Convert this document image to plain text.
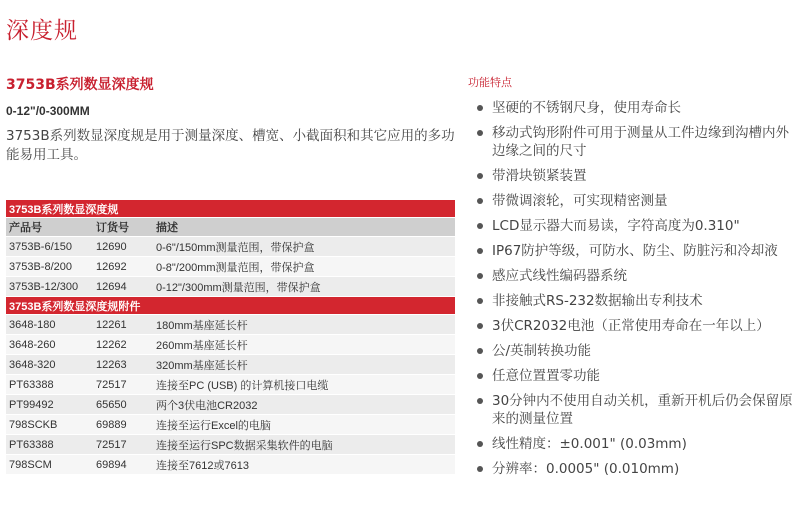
深度规
3753B系列数显深度规
0-12"/0-300MM
3753B系列数显深度规是用于测量深度、槽宽、小截面积和其它应用的多功能易用工具。
3753B系列数显深度规		
产品号	订货号	描述
3753B-6/150	12690	0-6"/150mm测量范围，带保护盒
3753B-8/200	12692	0-8"/200mm测量范围，带保护盒
3753B-12/300	12694	0-12"/300mm测量范围，带保护盒
3753B系列数显深度规附件		
3648-180	12261	180mm基座延长杆
3648-260	12262	260mm基座延长杆
3648-320	12263	320mm基座延长杆
PT63388	72517	连接至PC (USB) 的计算机接口电缆
PT99492	65650	两个3伏电池CR2032
798SCKB	69889	连接至运行Excel的电脑
PT63388	72517	连接至运行SPC数据采集软件的电脑
798SCM	69894	连接至7612或7613
功能特点
坚硬的不锈钢尺身，使用寿命长
移动式钩形附件可用于测量从工件边缘到沟槽内外边缘之间的尺寸
带滑块锁紧装置
带微调滚轮，可实现精密测量
LCD显示器大而易读，字符高度为0.310"
IP67防护等级，可防水、防尘、防脏污和冷却液
感应式线性编码器系统
非接触式RS-232数据输出专利技术
3伏CR2032电池（正常使用寿命在一年以上）
公/英制转换功能
任意位置置零功能
30分钟内不使用自动关机，重新开机后仍会保留原来的测量位置
线性精度：±0.001" (0.03mm)
分辨率：0.0005" (0.010mm)
